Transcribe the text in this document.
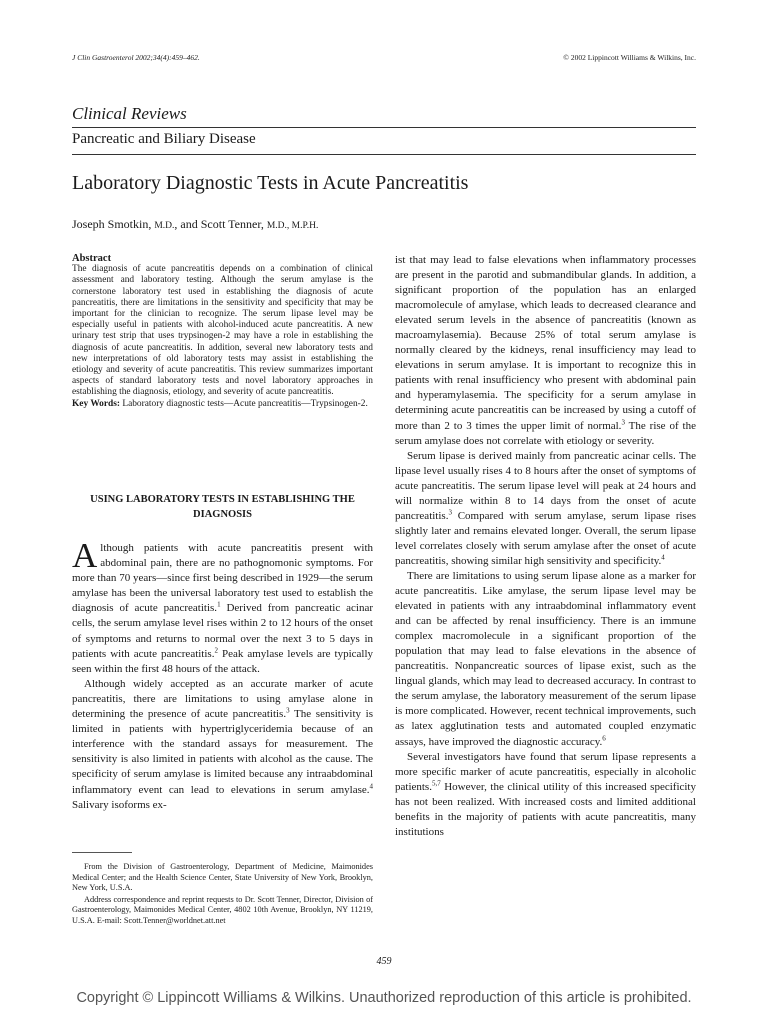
J Clin Gastroenterol 2002;34(4):459–462.	© 2002 Lippincott Williams & Wilkins, Inc.
Clinical Reviews
Pancreatic and Biliary Disease
Laboratory Diagnostic Tests in Acute Pancreatitis
Joseph Smotkin, M.D., and Scott Tenner, M.D., M.P.H.
Abstract
The diagnosis of acute pancreatitis depends on a combination of clinical assessment and laboratory testing. Although the serum amylase is the cornerstone laboratory test used in establishing the diagnosis of acute pancreatitis, there are limitations in the sensitivity and specificity that may be important for the clinician to recognize. The serum lipase level may be especially useful in patients with alcohol-induced acute pancreatitis. A new urinary test strip that uses trypsinogen-2 may have a role in establishing the diagnosis of acute pancreatitis. In addition, several new laboratory tests and new interpretations of old laboratory tests may assist in establishing the etiology and severity of acute pancreatitis. This review summarizes important aspects of standard laboratory tests and novel laboratory approaches in establishing the diagnosis, etiology, and severity of acute pancreatitis.
Key Words: Laboratory diagnostic tests—Acute pancreatitis—Trypsinogen-2.
USING LABORATORY TESTS IN ESTABLISHING THE DIAGNOSIS

Although patients with acute pancreatitis present with abdominal pain, there are no pathognomonic symptoms. For more than 70 years—since first being described in 1929—the serum amylase has been the universal laboratory test used to establish the diagnosis of acute pancreatitis.$^1$ Derived from pancreatic acinar cells, the serum amylase level rises within 2 to 12 hours of the onset of symptoms and returns to normal over the next 3 to 5 days in patients with acute pancreatitis.$^2$ Peak amylase levels are typically seen within the first 48 hours of the attack.

Although widely accepted as an accurate marker of acute pancreatitis, there are limitations to using amylase alone in determining the presence of acute pancreatitis.$^3$ The sensitivity is limited in patients with hypertriglyceridemia because of an interference with the standard assays for measurement. The sensitivity is also limited in patients with alcohol as the cause. The specificity of serum amylase is limited because any intraabdominal inflammatory event can lead to elevations in serum amylase.$^4$ Salivary isoforms ex-

ist that may lead to false elevations when inflammatory processes are present in the parotid and submandibular glands. In addition, a significant proportion of the population has an enlarged macromolecule of amylase, which leads to decreased clearance and elevated serum levels in the absence of pancreatitis (known as macroamylasemia). Because 25% of total serum amylase is normally cleared by the kidneys, renal insufficiency may lead to elevations in serum amylase. It is important to recognize this in patients with renal insufficiency who present with abdominal pain and hyperamylasemia. The specificity for a serum amylase in determining acute pancreatitis can be increased by using a cutoff of more than 2 to 3 times the upper limit of normal.$^3$ The rise of the serum amylase does not correlate with etiology or severity.

Serum lipase is derived mainly from pancreatic acinar cells. The lipase level usually rises 4 to 8 hours after the onset of symptoms of acute pancreatitis. The serum lipase level will peak at 24 hours and will normalize within 8 to 14 days from the onset of acute pancreatitis.$^3$ Compared with serum amylase, serum lipase rises slightly later and remains elevated longer. Overall, the serum lipase level correlates closely with serum amylase after the onset of acute pancreatitis, showing similar high sensitivity and specificity.$^4$

There are limitations to using serum lipase alone as a marker for acute pancreatitis. Like amylase, the serum lipase level may be elevated in patients with any intraabdominal inflammatory event and can be affected by renal insufficiency. There is an immune complex macromolecule in a significant proportion of the population that may lead to false elevations in the absence of pancreatitis. Nonpancreatic sources of lipase exist, such as the lingual glands, which may lead to decreased accuracy. In contrast to the serum amylase, the laboratory measurement of the serum lipase is more complicated. However, recent technical improvements, such as latex agglutination tests and automated coupled enzymatic assays, have improved the diagnostic accuracy.$^6$

Several investigators have found that serum lipase represents a more specific marker of acute pancreatitis, especially in alcoholic patients.$^{5,7}$ However, the clinical utility of this increased specificity has not been realized. With increased costs and limited additional benefits in the majority of patients with acute pancreatitis, many institutions

From the Division of Gastroenterology, Department of Medicine, Maimonides Medical Center; and the Health Science Center, State University of New York, Brooklyn, New York, U.S.A.

Address correspondence and reprint requests to Dr. Scott Tenner, Director, Division of Gastroenterology, Maimonides Medical Center, 4802 10th Avenue, Brooklyn, NY 11219, U.S.A. E-mail: Scott.Tenner@worldnet.att.net

459
Copyright © Lippincott Williams & Wilkins. Unauthorized reproduction of this article is prohibited.
